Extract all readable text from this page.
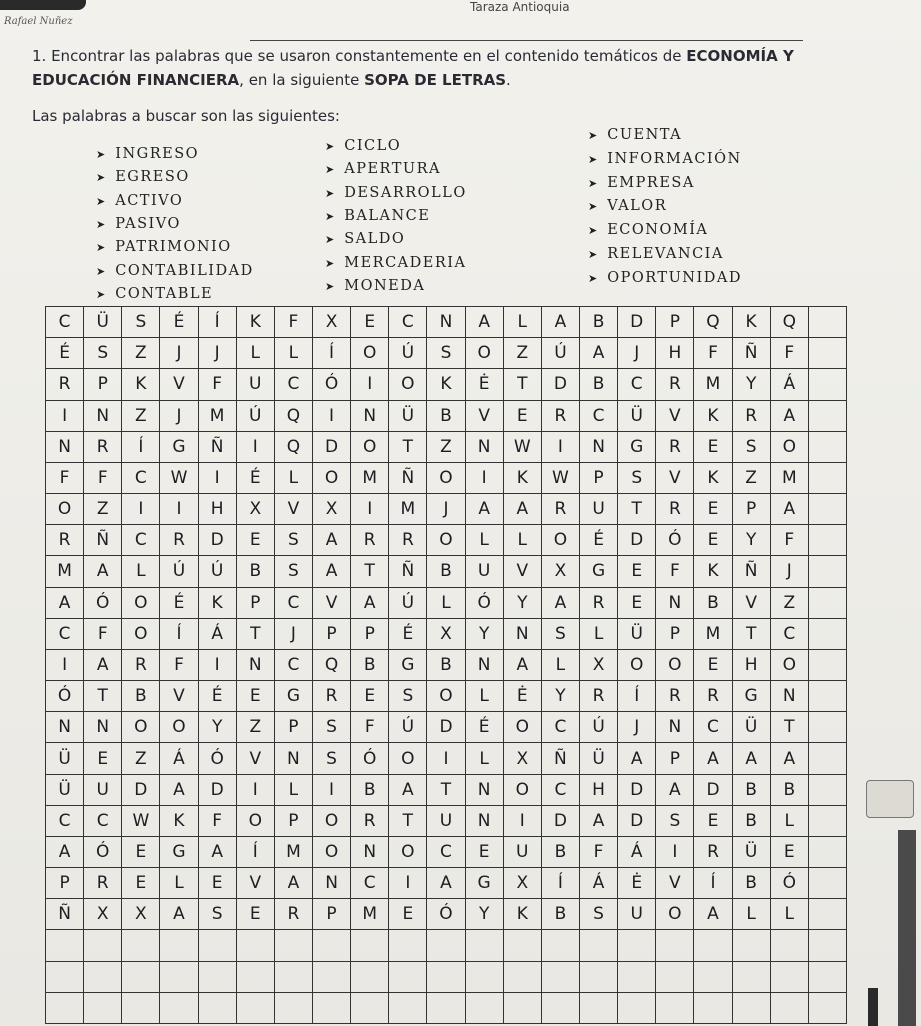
Taraza Antioquia
Rafael Nuñez
1. Encontrar las palabras que se usaron constantemente en el contenido temáticos de ECONOMÍA Y EDUCACIÓN FINANCIERA, en la siguiente SOPA DE LETRAS.
Las palabras a buscar son las siguientes:
➤ INGRESO
➤ EGRESO
➤ ACTIVO
➤ PASIVO
➤ PATRIMONIO
➤ CONTABILIDAD
➤ CONTABLE
➤ CICLO
➤ APERTURA
➤ DESARROLLO
➤ BALANCE
➤ SALDO
➤ MERCADERIA
➤ MONEDA
➤ CUENTA
➤ INFORMACIÓN
➤ EMPRESA
➤ VALOR
➤ ECONOMÍA
➤ RELEVANCIA
➤ OPORTUNIDAD
C	Ü	S	É	Í	K	F	X	E	C	N	A	L	A	B	D	P	Q	K	Q
É	S	Z	J	J	L	L	Í	O	Ú	S	O	Z	Ú	A	J	H	F	Ñ	F
R	P	K	V	F	U	C	Ó	I	O	K	Ė	T	D	B	C	R	M	Y	Á
I	N	Z	J	M	Ú	Q	I	N	Ü	B	V	E	R	C	Ü	V	K	R	A
N	R	Í	G	Ñ	I	Q	D	O	T	Z	N	W	I	N	G	R	E	S	O
F	F	C	W	I	É	L	O	M	Ñ	O	I	K	W	P	S	V	K	Z	M
O	Z	I	I	H	X	V	X	I	M	J	A	A	R	U	T	R	E	P	A
R	Ñ	C	R	D	E	S	A	R	R	O	L	L	O	É	D	Ó	E	Y	F
M	A	L	Ú	Ú	B	S	A	T	Ñ	B	U	V	X	G	E	F	K	Ñ	J
A	Ó	O	É	K	P	C	V	A	Ú	L	Ó	Y	A	R	E	N	B	V	Z
C	F	O	Í	Á	T	J	P	P	É	X	Y	N	S	L	Ü	P	M	T	C
I	A	R	F	I	N	C	Q	B	G	B	N	A	L	X	O	O	E	H	O
Ó	T	B	V	É	E	G	R	E	S	O	L	Ė	Y	R	Í	R	R	G	N
N	N	O	O	Y	Z	P	S	F	Ú	D	É	O	C	Ú	J	N	C	Ü	T
Ü	E	Z	Á	Ó	V	N	S	Ó	O	I	L	X	Ñ	Ü	A	P	A	A	A
Ü	U	D	A	D	I	L	I	B	A	T	N	O	C	H	D	A	D	B	B
C	C	W	K	F	O	P	O	R	T	U	N	I	D	A	D	S	E	B	L
A	Ó	E	G	A	Í	M	O	N	O	C	E	U	B	F	Á	I	R	Ü	E
P	R	E	L	E	V	A	N	C	I	A	G	X	Í	Á	Ė	V	Í	B	Ó
Ñ	X	X	A	S	E	R	P	M	E	Ó	Y	K	B	S	U	O	A	L	L
